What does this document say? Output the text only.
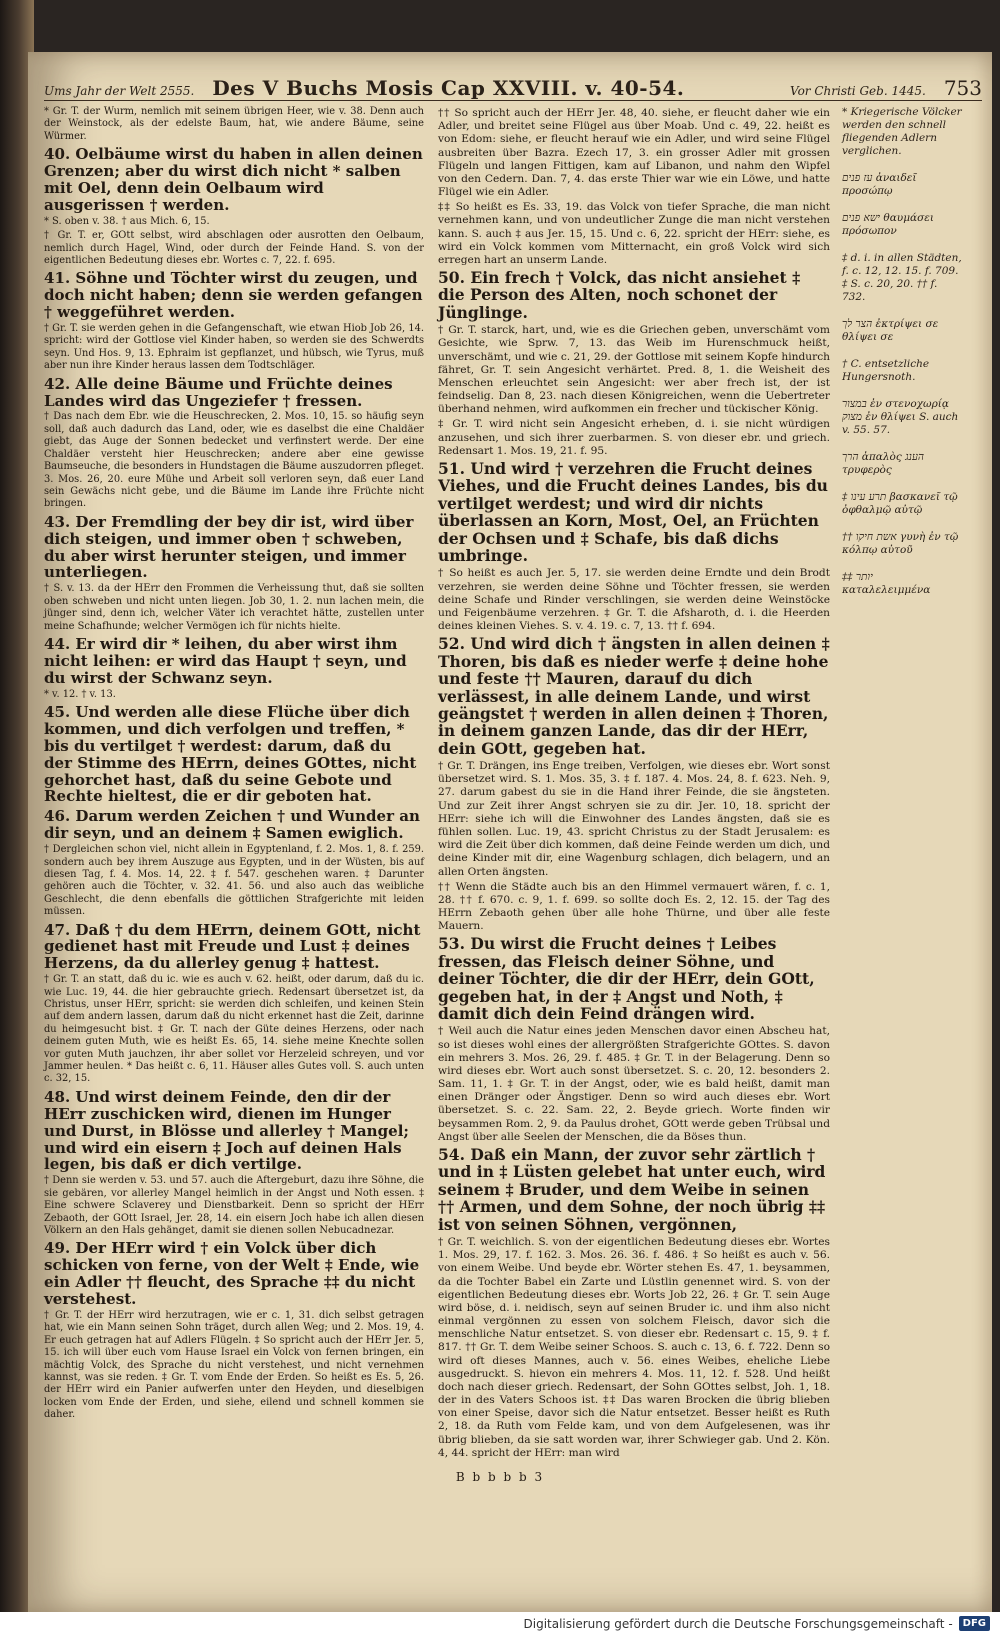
Ums Jahr der Welt 2555. Des V Buchs Mosis Cap XXVIII. v. 40-54.	Vor Christi Geb. 1445. 753
* Gr. T. der Wurm, nemlich mit seinem übrigen Heer, wie v. 38. Denn auch der Weinstock, als der edelste Baum, hat, wie andere Bäume, seine Würmer.
40. Oelbäume wirst du haben in allen deinen Grenzen; aber du wirst dich nicht * salben mit Oel, denn dein Oelbaum wird ausgerissen † werden.
* S. oben v. 38. † aus Mich. 6, 15.
† Gr. T. er, GOtt selbst, wird abschlagen oder ausrotten den Oelbaum, nemlich durch Hagel, Wind, oder durch der Feinde Hand. S. von der eigentlichen Bedeutung dieses ebr. Wortes c. 7, 22. f. 695.
41. Söhne und Töchter wirst du zeugen, und doch nicht haben; denn sie werden gefangen † weggeführet werden.
† Gr. T. sie werden gehen in die Gefangenschaft, wie etwan Hiob Job 26, 14. spricht: wird der Gottlose viel Kinder haben, so werden sie des Schwerdts seyn. Und Hos. 9, 13. Ephraim ist gepflanzet, und hübsch, wie Tyrus, muß aber nun ihre Kinder heraus lassen dem Todtschläger.
42. Alle deine Bäume und Früchte deines Landes wird das Ungeziefer † fressen.
† Das nach dem Ebr. wie die Heuschrecken, 2. Mos. 10, 15. so häufig seyn soll, daß auch dadurch das Land, oder, wie es daselbst die eine Chaldäer giebt, das Auge der Sonnen bedecket und verfinstert werde. Der eine Chaldäer versteht hier Heuschrecken; andere aber eine gewisse Baumseuche, die besonders in Hundstagen die Bäume auszudorren pfleget. 3. Mos. 26, 20. eure Mühe und Arbeit soll verloren seyn, daß euer Land sein Gewächs nicht gebe, und die Bäume im Lande ihre Früchte nicht bringen.
43. Der Fremdling der bey dir ist, wird über dich steigen, und immer oben † schweben, du aber wirst herunter steigen, und immer unterliegen.
† S. v. 13. da der HErr den Frommen die Verheissung thut, daß sie sollten oben schweben und nicht unten liegen. Job 30, 1. 2. nun lachen mein, die jünger sind, denn ich, welcher Väter ich verachtet hätte, zustellen unter meine Schafhunde; welcher Vermögen ich für nichts hielte.
44. Er wird dir * leihen, du aber wirst ihm nicht leihen: er wird das Haupt † seyn, und du wirst der Schwanz seyn.
* v. 12. † v. 13.
45. Und werden alle diese Flüche über dich kommen, und dich verfolgen und treffen, * bis du vertilget † werdest: darum, daß du der Stimme des HErrn, deines GOttes, nicht gehorchet hast, daß du seine Gebote und Rechte hieltest, die er dir geboten hat.
46. Darum werden Zeichen † und Wunder an dir seyn, und an deinem ‡ Samen ewiglich.
† Dergleichen schon viel, nicht allein in Egyptenland, f. 2. Mos. 1, 8. f. 259. sondern auch bey ihrem Auszuge aus Egypten, und in der Wüsten, bis auf diesen Tag, f. 4. Mos. 14, 22. ‡ f. 547. geschehen waren. ‡ Darunter gehören auch die Töchter, v. 32. 41. 56. und also auch das weibliche Geschlecht, die denn ebenfalls die göttlichen Strafgerichte mit leiden müssen.
47. Daß † du dem HErrn, deinem GOtt, nicht gedienet hast mit Freude und Lust ‡ deines Herzens, da du allerley genug ‡ hattest.
† Gr. T. an statt, daß du ic. wie es auch v. 62. heißt, oder darum, daß du ic. wie Luc. 19, 44. die hier gebrauchte griech. Redensart übersetzet ist, da Christus, unser HErr, spricht: sie werden dich schleifen, und keinen Stein auf dem andern lassen, darum daß du nicht erkennet hast die Zeit, darinne du heimgesucht bist. ‡ Gr. T. nach der Güte deines Herzens, oder nach deinem guten Muth, wie es heißt Es. 65, 14. siehe meine Knechte sollen vor guten Muth jauchzen, ihr aber sollet vor Herzeleid schreyen, und vor Jammer heulen. * Das heißt c. 6, 11. Häuser alles Gutes voll. S. auch unten c. 32, 15.
48. Und wirst deinem Feinde, den dir der HErr zuschicken wird, dienen im Hunger und Durst, in Blösse und allerley † Mangel; und wird ein eisern ‡ Joch auf deinen Hals legen, bis daß er dich vertilge.
† Denn sie werden v. 53. und 57. auch die Aftergeburt, dazu ihre Söhne, die sie gebären, vor allerley Mangel heimlich in der Angst und Noth essen. ‡ Eine schwere Sclaverey und Dienstbarkeit. Denn so spricht der HErr Zebaoth, der GOtt Israel, Jer. 28, 14. ein eisern Joch habe ich allen diesen Völkern an den Hals gehänget, damit sie dienen sollen Nebucadnezar.
49. Der HErr wird † ein Volck über dich schicken von ferne, von der Welt ‡ Ende, wie ein Adler †† fleucht, des Sprache ‡‡ du nicht verstehest.
† Gr. T. der HErr wird herzutragen, wie er c. 1, 31. dich selbst getragen hat, wie ein Mann seinen Sohn träget, durch allen Weg; und 2. Mos. 19, 4. Er euch getragen hat auf Adlers Flügeln. ‡ So spricht auch der HErr Jer. 5, 15. ich will über euch vom Hause Israel ein Volck von fernen bringen, ein mächtig Volck, des Sprache du nicht verstehest, und nicht vernehmen kannst, was sie reden. ‡ Gr. T. vom Ende der Erden. So heißt es Es. 5, 26. der HErr wird ein Panier aufwerfen unter den Heyden, und dieselbigen locken vom Ende der Erden, und siehe, eilend und schnell kommen sie daher.
†† So spricht auch der HErr Jer. 48, 40. siehe, er fleucht daher wie ein Adler, und breitet seine Flügel aus über Moab. Und c. 49, 22. heißt es von Edom: siehe, er fleucht herauf wie ein Adler, und wird seine Flügel ausbreiten über Bazra. Ezech 17, 3. ein grosser Adler mit grossen Flügeln und langen Fittigen, kam auf Libanon, und nahm den Wipfel von den Cedern. Dan. 7, 4. das erste Thier war wie ein Löwe, und hatte Flügel wie ein Adler.
‡‡ So heißt es Es. 33, 19. das Volck von tiefer Sprache, die man nicht vernehmen kann, und von undeutlicher Zunge die man nicht verstehen kann. S. auch ‡ aus Jer. 15, 15. Und c. 6, 22. spricht der HErr: siehe, es wird ein Volck kommen vom Mitternacht, ein groß Volck wird sich erregen hart an unserm Lande.
50. Ein frech † Volck, das nicht ansiehet ‡ die Person des Alten, noch schonet der Jünglinge.
† Gr. T. starck, hart, und, wie es die Griechen geben, unverschämt vom Gesichte, wie Sprw. 7, 13. das Weib im Hurenschmuck heißt, unverschämt, und wie c. 21, 29. der Gottlose mit seinem Kopfe hindurch fähret, Gr. T. sein Angesicht verhärtet. Pred. 8, 1. die Weisheit des Menschen erleuchtet sein Angesicht: wer aber frech ist, der ist feindselig. Dan 8, 23. nach diesen Königreichen, wenn die Uebertreter überhand nehmen, wird aufkommen ein frecher und tückischer König.
‡ Gr. T. wird nicht sein Angesicht erheben, d. i. sie nicht würdigen anzusehen, und sich ihrer zuerbarmen. S. von dieser ebr. und griech. Redensart 1. Mos. 19, 21. f. 95.
51. Und wird † verzehren die Frucht deines Viehes, und die Frucht deines Landes, bis du vertilget werdest; und wird dir nichts überlassen an Korn, Most, Oel, an Früchten der Ochsen und ‡ Schafe, bis daß dichs umbringe.
† So heißt es auch Jer. 5, 17. sie werden deine Erndte und dein Brodt verzehren, sie werden deine Söhne und Töchter fressen, sie werden deine Schafe und Rinder verschlingen, sie werden deine Weinstöcke und Feigenbäume verzehren. ‡ Gr. T. die Afsharoth, d. i. die Heerden deines kleinen Viehes. S. v. 4. 19. c. 7, 13. †† f. 694.
52. Und wird dich † ängsten in allen deinen ‡ Thoren, bis daß es nieder werfe ‡ deine hohe und feste †† Mauren, darauf du dich verlässest, in alle deinem Lande, und wirst geängstet † werden in allen deinen ‡ Thoren, in deinem ganzen Lande, das dir der HErr, dein GOtt, gegeben hat.
† Gr. T. Drängen, ins Enge treiben, Verfolgen, wie dieses ebr. Wort sonst übersetzet wird. S. 1. Mos. 35, 3. ‡ f. 187. 4. Mos. 24, 8. f. 623. Neh. 9, 27. darum gabest du sie in die Hand ihrer Feinde, die sie ängsteten. Und zur Zeit ihrer Angst schryen sie zu dir. Jer. 10, 18. spricht der HErr: siehe ich will die Einwohner des Landes ängsten, daß sie es fühlen sollen. Luc. 19, 43. spricht Christus zu der Stadt Jerusalem: es wird die Zeit über dich kommen, daß deine Feinde werden um dich, und deine Kinder mit dir, eine Wagenburg schlagen, dich belagern, und an allen Orten ängsten.
†† Wenn die Städte auch bis an den Himmel vermauert wären, f. c. 1, 28. †† f. 670. c. 9, 1. f. 699. so sollte doch Es. 2, 12. 15. der Tag des HErrn Zebaoth gehen über alle hohe Thürne, und über alle feste Mauern.
53. Du wirst die Frucht deines † Leibes fressen, das Fleisch deiner Söhne, und deiner Töchter, die dir der HErr, dein GOtt, gegeben hat, in der ‡ Angst und Noth, ‡ damit dich dein Feind drängen wird.
† Weil auch die Natur eines jeden Menschen davor einen Abscheu hat, so ist dieses wohl eines der allergrößten Strafgerichte GOttes. S. davon ein mehrers 3. Mos. 26, 29. f. 485. ‡ Gr. T. in der Belagerung. Denn so wird dieses ebr. Wort auch sonst übersetzet. S. c. 20, 12. besonders 2. Sam. 11, 1. ‡ Gr. T. in der Angst, oder, wie es bald heißt, damit man einen Dränger oder Ängstiger. Denn so wird auch dieses ebr. Wort übersetzet. S. c. 22. Sam. 22, 2. Beyde griech. Worte finden wir beysammen Rom. 2, 9. da Paulus drohet, GOtt werde geben Trübsal und Angst über alle Seelen der Menschen, die da Böses thun.
54. Daß ein Mann, der zuvor sehr zärtlich † und in ‡ Lüsten gelebet hat unter euch, wird seinem ‡ Bruder, und dem Weibe in seinen †† Armen, und dem Sohne, der noch übrig ‡‡ ist von seinen Söhnen, vergönnen,
† Gr. T. weichlich. S. von der eigentlichen Bedeutung dieses ebr. Wortes 1. Mos. 29, 17. f. 162. 3. Mos. 26. 36. f. 486. ‡ So heißt es auch v. 56. von einem Weibe. Und beyde ebr. Wörter stehen Es. 47, 1. beysammen, da die Tochter Babel ein Zarte und Lüstlin genennet wird. S. von der eigentlichen Bedeutung dieses ebr. Worts Job 22, 26. ‡ Gr. T. sein Auge wird böse, d. i. neidisch, seyn auf seinen Bruder ic. und ihm also nicht einmal vergönnen zu essen von solchem Fleisch, davor sich die menschliche Natur entsetzet. S. von dieser ebr. Redensart c. 15, 9. ‡ f. 817. †† Gr. T. dem Weibe seiner Schoos. S. auch c. 13, 6. f. 722. Denn so wird oft dieses Mannes, auch v. 56. eines Weibes, eheliche Liebe ausgedruckt. S. hievon ein mehrers 4. Mos. 11, 12. f. 528. Und heißt doch nach dieser griech. Redensart, der Sohn GOttes selbst, Joh. 1, 18. der in des Vaters Schoos ist. ‡‡ Das waren Brocken die übrig blieben von einer Speise, davor sich die Natur entsetzet. Besser heißt es Ruth 2, 18. da Ruth vom Felde kam, und von dem Aufgelesenen, was ihr übrig blieben, da sie satt worden war, ihrer Schwieger gab. Und 2. Kön. 4, 44. spricht der HErr: man wird
* Kriegerische Völcker werden den schnell fliegenden Adlern verglichen.
עז פנים ἀναιδεῖ προσώπῳ
ישא פנים θαυμάσει πρόσωπον
‡ d. i. in allen Städten, f. c. 12, 12. 15. f. 709. ‡ S. c. 20, 20. †† f. 732.
הצר לך ἐκτρίψει σε θλίψει σε
† C. entsetzliche Hungersnoth.
במצור ἐν στενοχωρίᾳ מצוק ἐν θλίψει S. auch v. 55. 57.
הרך ἁπαλὸς הענג τρυφερὸς
‡ תרע עינו βασκανεῖ τῷ ὀφθαλμῷ αὐτῷ
†† אשת חיקו γυνὴ ἐν τῷ κόλπῳ αὐτοῦ
‡‡ יותר καταλελειμμένα
B b b b b 3
Digitalisierung gefördert durch die Deutsche Forschungsgemeinschaft -	DFG
